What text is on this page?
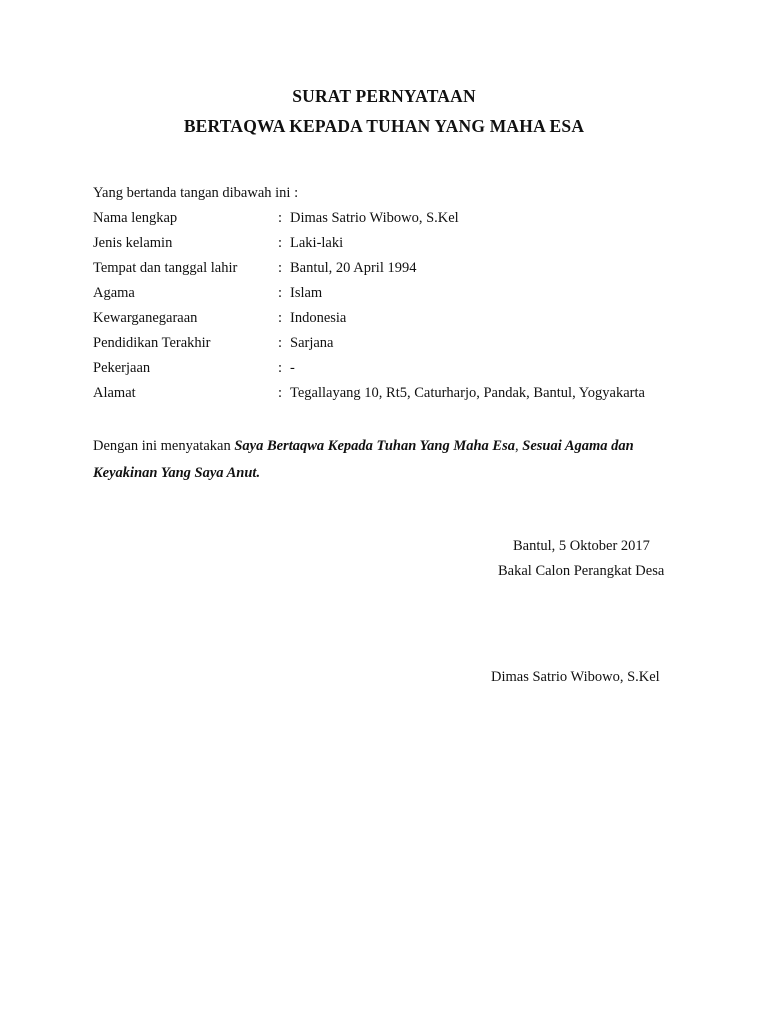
SURAT PERNYATAAN
BERTAQWA KEPADA TUHAN YANG MAHA ESA
Yang bertanda tangan dibawah ini :
Nama lengkap	: Dimas Satrio Wibowo, S.Kel
Jenis kelamin	: Laki-laki
Tempat dan tanggal lahir	: Bantul, 20 April 1994
Agama	: Islam
Kewarganegaraan	: Indonesia
Pendidikan Terakhir	: Sarjana
Pekerjaan	: -
Alamat	: Tegallayang 10, Rt5, Caturharjo, Pandak, Bantul, Yogyakarta
Dengan ini menyatakan Saya Bertaqwa Kepada Tuhan Yang Maha Esa, Sesuai Agama dan
Keyakinan Yang Saya Anut.
Bantul, 5 Oktober 2017
Bakal Calon Perangkat Desa
Dimas Satrio Wibowo, S.Kel
